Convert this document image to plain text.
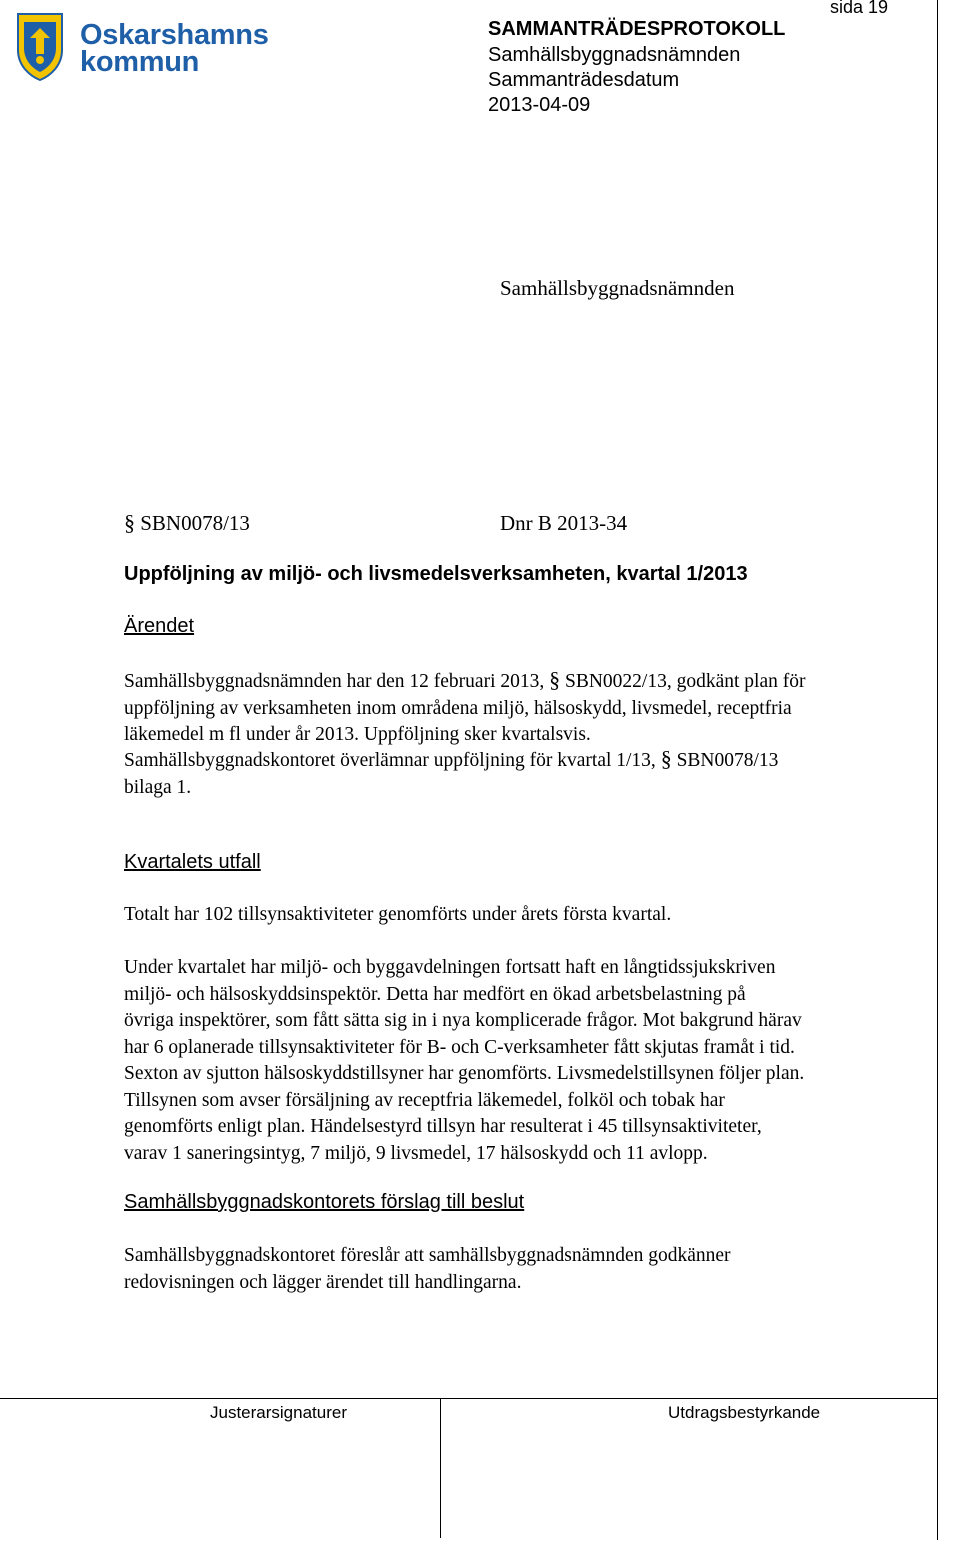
Oskarshamns
kommun
sida 19
SAMMANTRÄDESPROTOKOLL
Samhällsbyggnadsnämnden
Sammanträdesdatum
2013-04-09
Samhällsbyggnadsnämnden
§ SBN0078/13	Dnr B 2013-34
Uppföljning av miljö- och livsmedelsverksamheten, kvartal 1/2013
Ärendet
Samhällsbyggnadsnämnden har den 12 februari 2013, § SBN0022/13, godkänt plan för
uppföljning av verksamheten inom områdena miljö, hälsoskydd, livsmedel, receptfria
läkemedel m fl under år 2013. Uppföljning sker kvartalsvis.
Samhällsbyggnadskontoret överlämnar uppföljning för kvartal 1/13, § SBN0078/13
bilaga 1.
Kvartalets utfall
Totalt har 102 tillsynsaktiviteter genomförts under årets första kvartal.
Under kvartalet har miljö- och byggavdelningen fortsatt haft en långtidssjukskriven
miljö- och hälsoskyddsinspektör. Detta har medfört en ökad arbetsbelastning på
övriga inspektörer, som fått sätta sig in i nya komplicerade frågor. Mot bakgrund härav
har 6 oplanerade tillsynsaktiviteter för B- och C-verksamheter fått skjutas framåt i tid.
Sexton av sjutton hälsoskyddstillsyner har genomförts. Livsmedelstillsynen följer plan.
Tillsynen som avser försäljning av receptfria läkemedel, folköl och tobak har
genomförts enligt plan. Händelsestyrd tillsyn har resulterat i 45 tillsynsaktiviteter,
varav 1 saneringsintyg, 7 miljö, 9 livsmedel, 17 hälsoskydd och 11 avlopp.
Samhällsbyggnadskontorets förslag till beslut
Samhällsbyggnadskontoret föreslår att samhällsbyggnadsnämnden godkänner
redovisningen och lägger ärendet till handlingarna.
Justerarsignaturer	Utdragsbestyrkande
